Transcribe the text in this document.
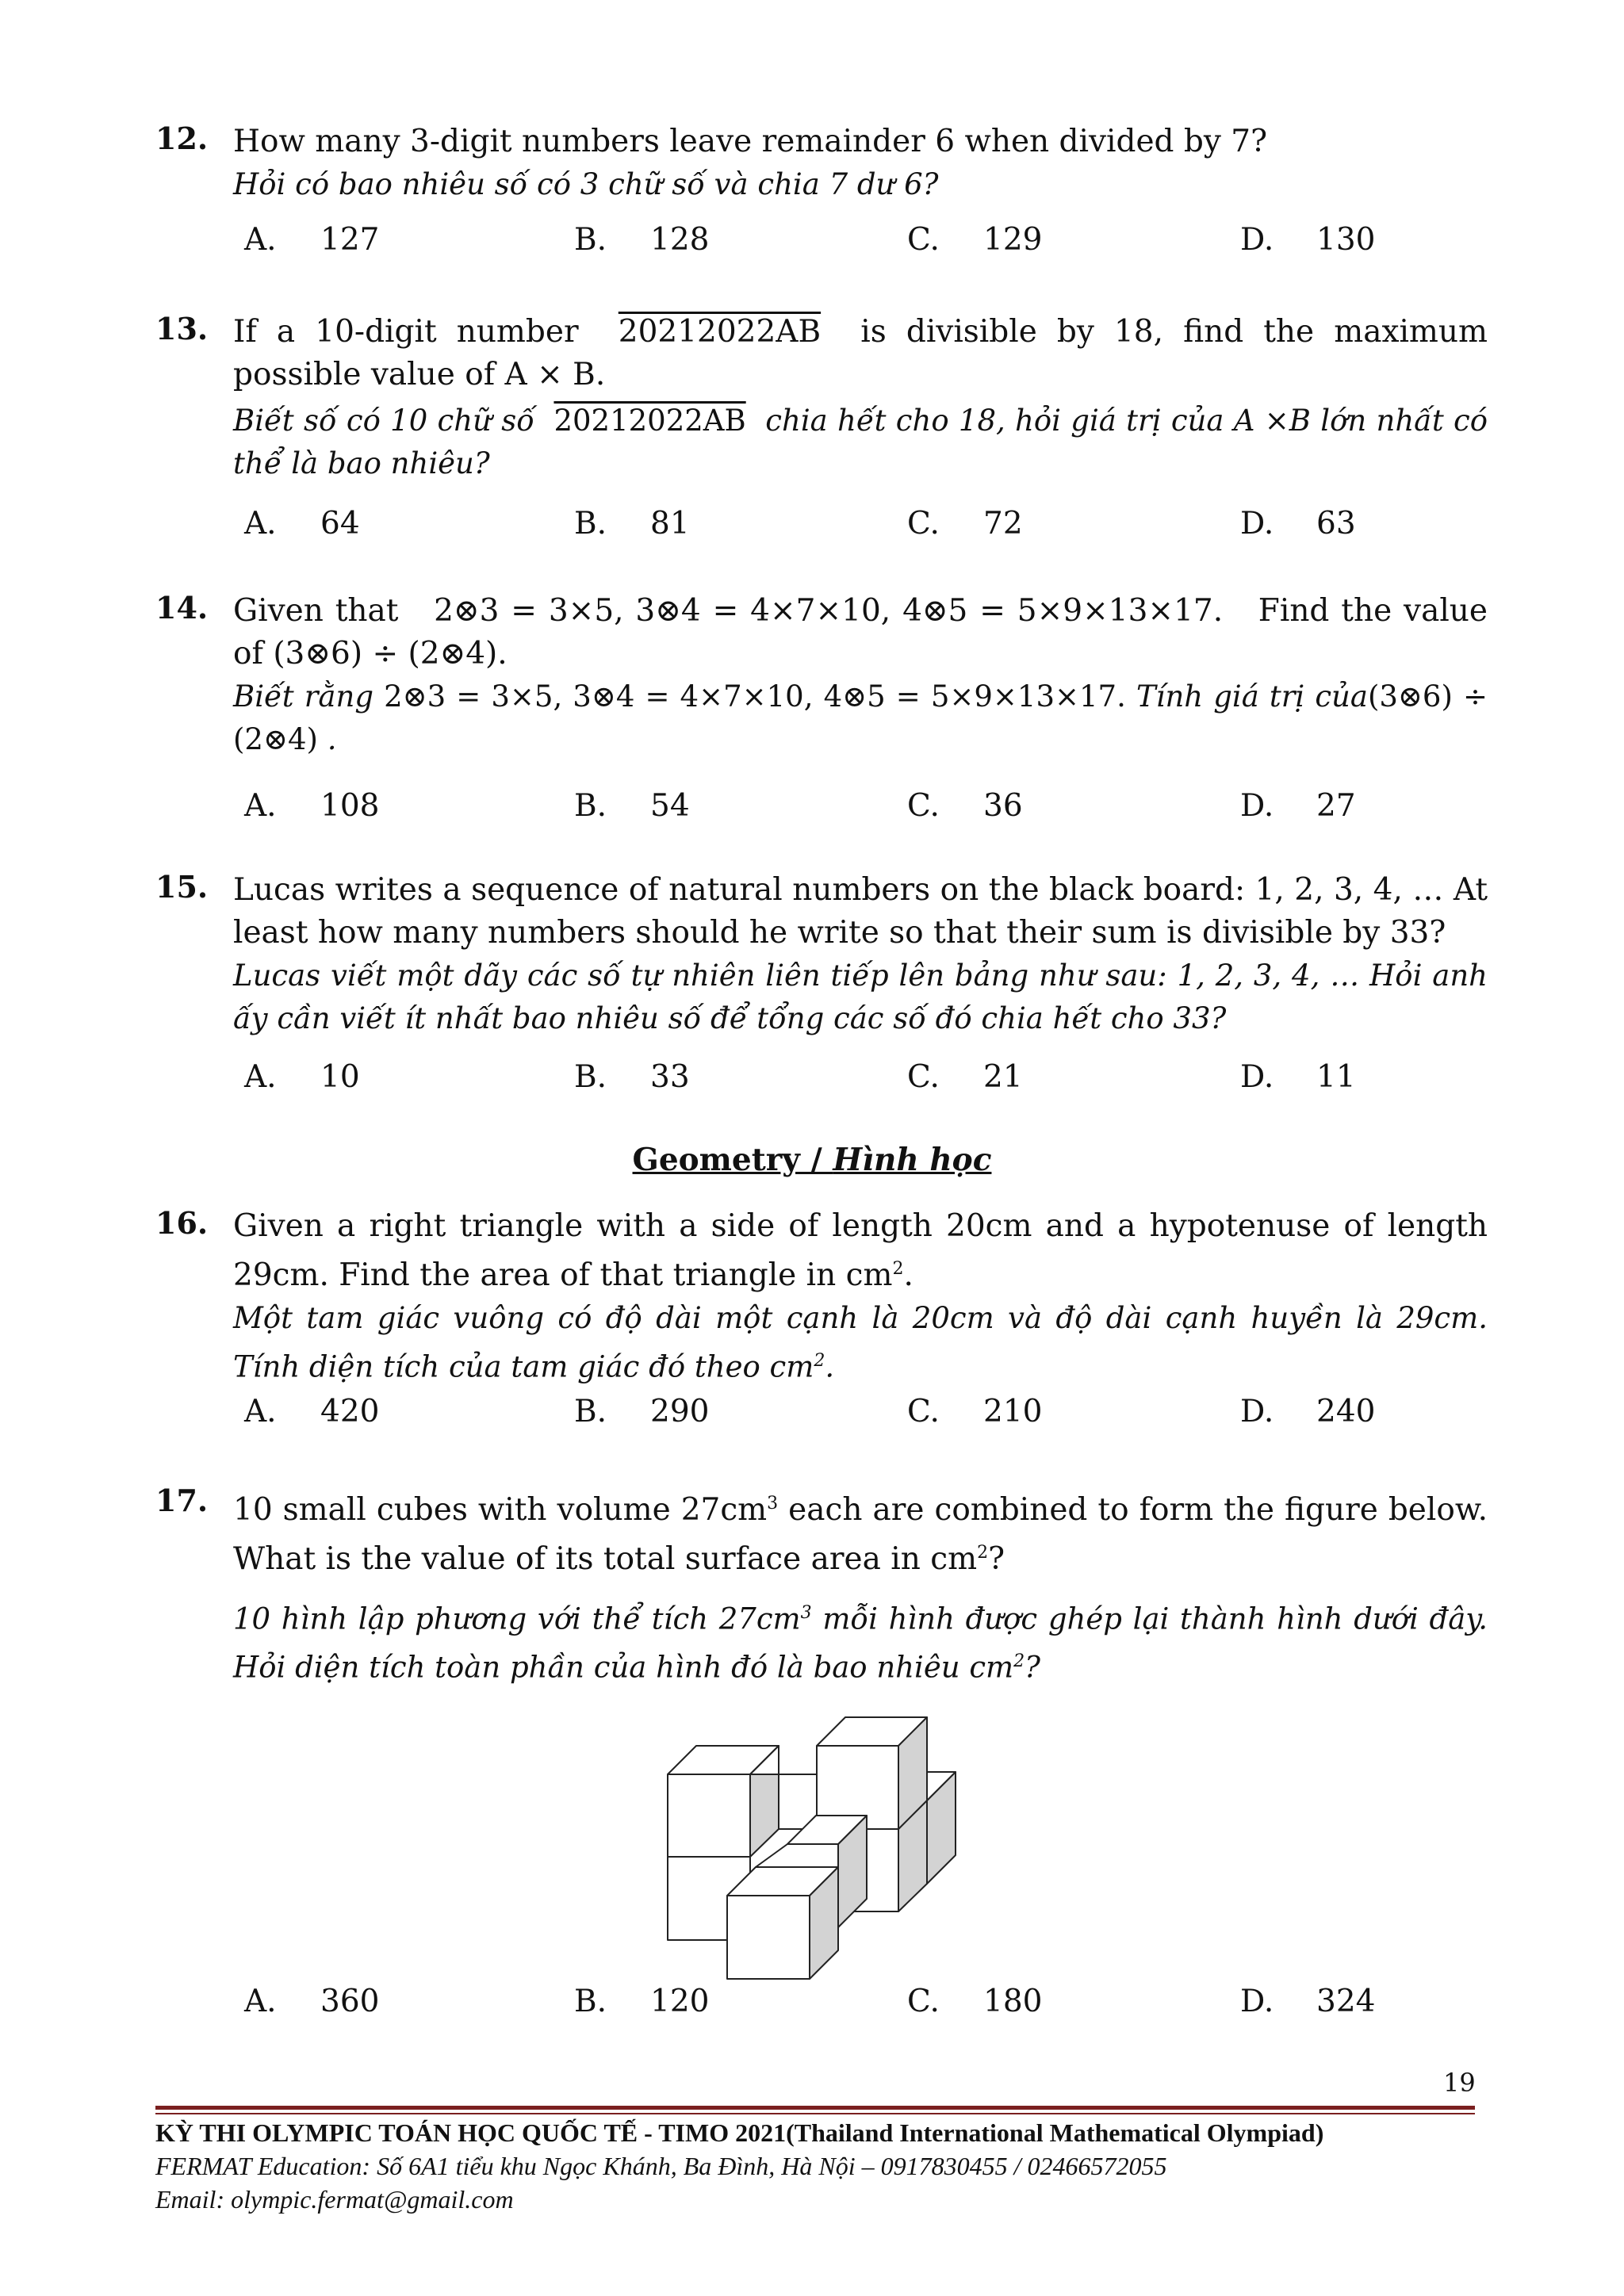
12. How many 3-digit numbers leave remainder 6 when divided by 7?

Hỏi có bao nhiêu số có 3 chữ số và chia 7 dư 6?

A. 127	B. 128	C. 129	D. 130
13. If a 10-digit number 20212022AB is divisible by 18, find the maximum possible value of A × B.

Biết số có 10 chữ số 20212022AB chia hết cho 18, hỏi giá trị của A ×B lớn nhất có thể là bao nhiêu?

A. 64	B. 81	C. 72	D. 63
14. Given that 2⊗3 = 3×5, 3⊗4 = 4×7×10, 4⊗5 = 5×9×13×17. Find the value of (3⊗6) ÷ (2⊗4).

Biết rằng 2⊗3 = 3×5, 3⊗4 = 4×7×10, 4⊗5 = 5×9×13×17. Tính giá trị của(3⊗6) ÷ (2⊗4) .

A. 108	B. 54	C. 36	D. 27
15. Lucas writes a sequence of natural numbers on the black board: 1, 2, 3, 4, … At least how many numbers should he write so that their sum is divisible by 33?

Lucas viết một dãy các số tự nhiên liên tiếp lên bảng như sau: 1, 2, 3, 4, … Hỏi anh ấy cần viết ít nhất bao nhiêu số để tổng các số đó chia hết cho 33?

A. 10	B. 33	C. 21	D. 11
Geometry / Hình học
16. Given a right triangle with a side of length 20cm and a hypotenuse of length 29cm. Find the area of that triangle in $cm^2$.

Một tam giác vuông có độ dài một cạnh là 20cm và độ dài cạnh huyền là 29cm. Tính diện tích của tam giác đó theo $cm^2$.

A. 420	B. 290	C. 210	D. 240
17. 10 small cubes with volume $27cm^3$ each are combined to form the figure below. What is the value of its total surface area in $cm^2$?

10 hình lập phương với thể tích $27cm^3$ mỗi hình được ghép lại thành hình dưới đây. Hỏi diện tích toàn phần của hình đó là bao nhiêu $cm^2$?

A. 360	B. 120	C. 180	D. 324
19
KỲ THI OLYMPIC TOÁN HỌC QUỐC TẾ - TIMO 2021(Thailand International Mathematical Olympiad)
FERMAT Education: Số 6A1 tiểu khu Ngọc Khánh, Ba Đình, Hà Nội – 0917830455 / 02466572055
Email: olympic.fermat@gmail.com
